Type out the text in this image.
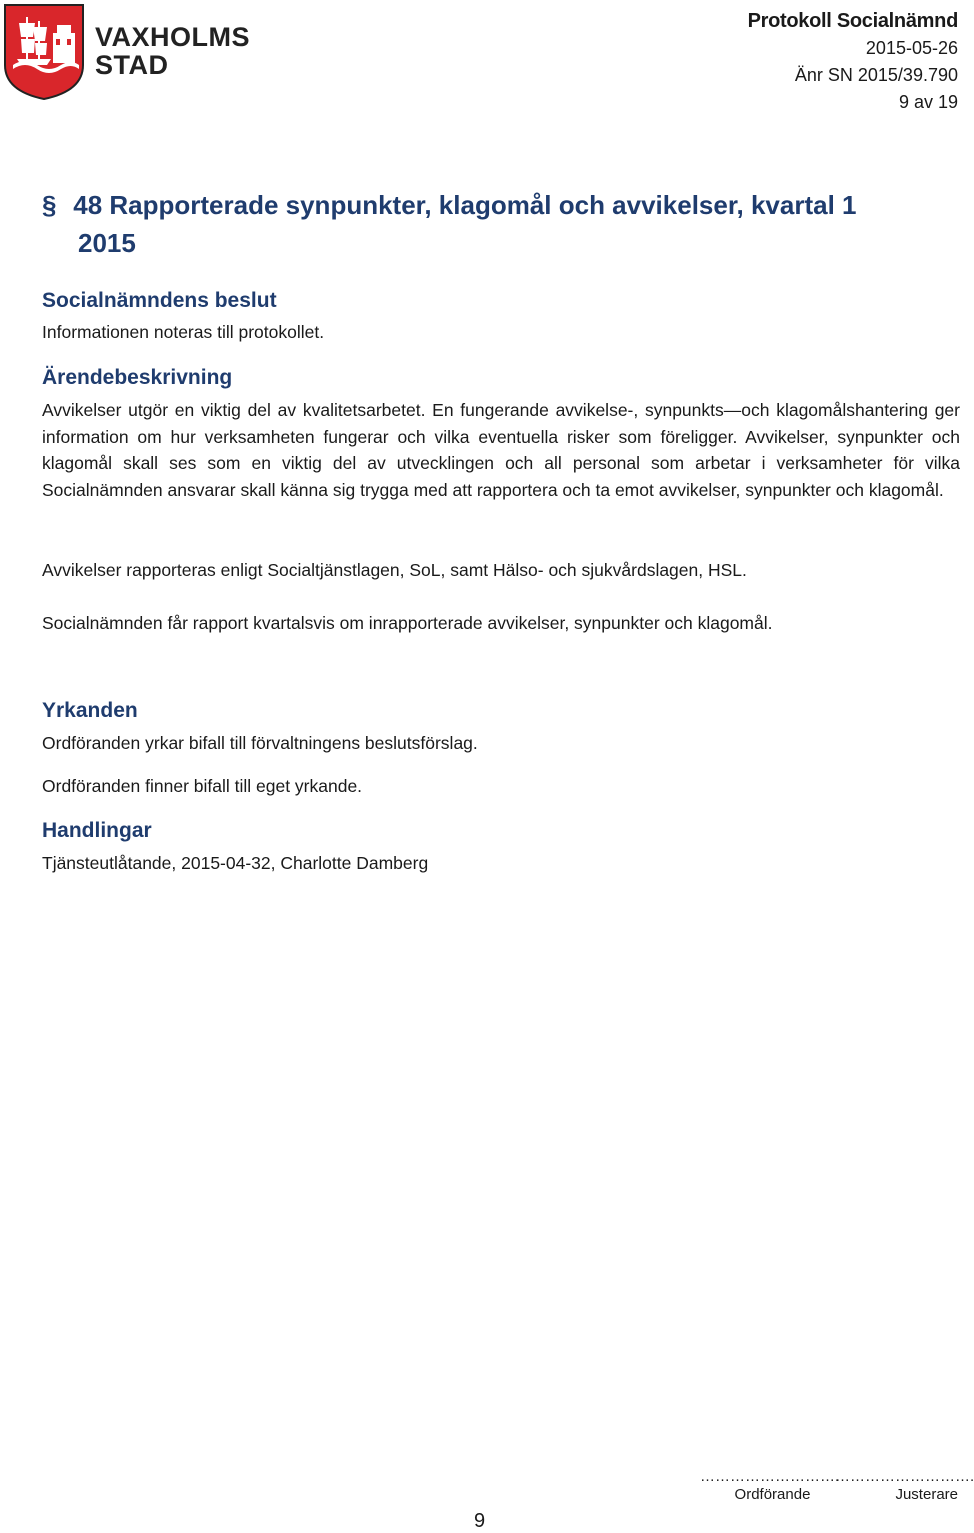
VAXHOLMS
STAD
Protokoll Socialnämnd
2015-05-26
Änr SN 2015/39.790
9 av 19
§ 48 Rapporterade synpunkter, klagomål och avvikelser, kvartal 1
2015
Socialnämndens beslut
Informationen noteras till protokollet.
Ärendebeskrivning
Avvikelser utgör en viktig del av kvalitetsarbetet. En fungerande avvikelse-, synpunkts—och klagomålshantering ger information om hur verksamheten fungerar och vilka eventuella risker som föreligger. Avvikelser, synpunkter och klagomål skall ses som en viktig del av utvecklingen och all personal som arbetar i verksamheter för vilka Socialnämnden ansvarar skall känna sig trygga med att rapportera och ta emot avvikelser, synpunkter och klagomål.
Avvikelser rapporteras enligt Socialtjänstlagen, SoL, samt Hälso- och sjukvårdslagen, HSL.
Socialnämnden får rapport kvartalsvis om inrapporterade avvikelser, synpunkter och klagomål.
Yrkanden
Ordföranden yrkar bifall till förvaltningens beslutsförslag.
Ordföranden finner bifall till eget yrkande.
Handlingar
Tjänsteutlåtande, 2015-04-32, Charlotte Damberg
……………………….
……………………….
Ordförande	Justerare
9
